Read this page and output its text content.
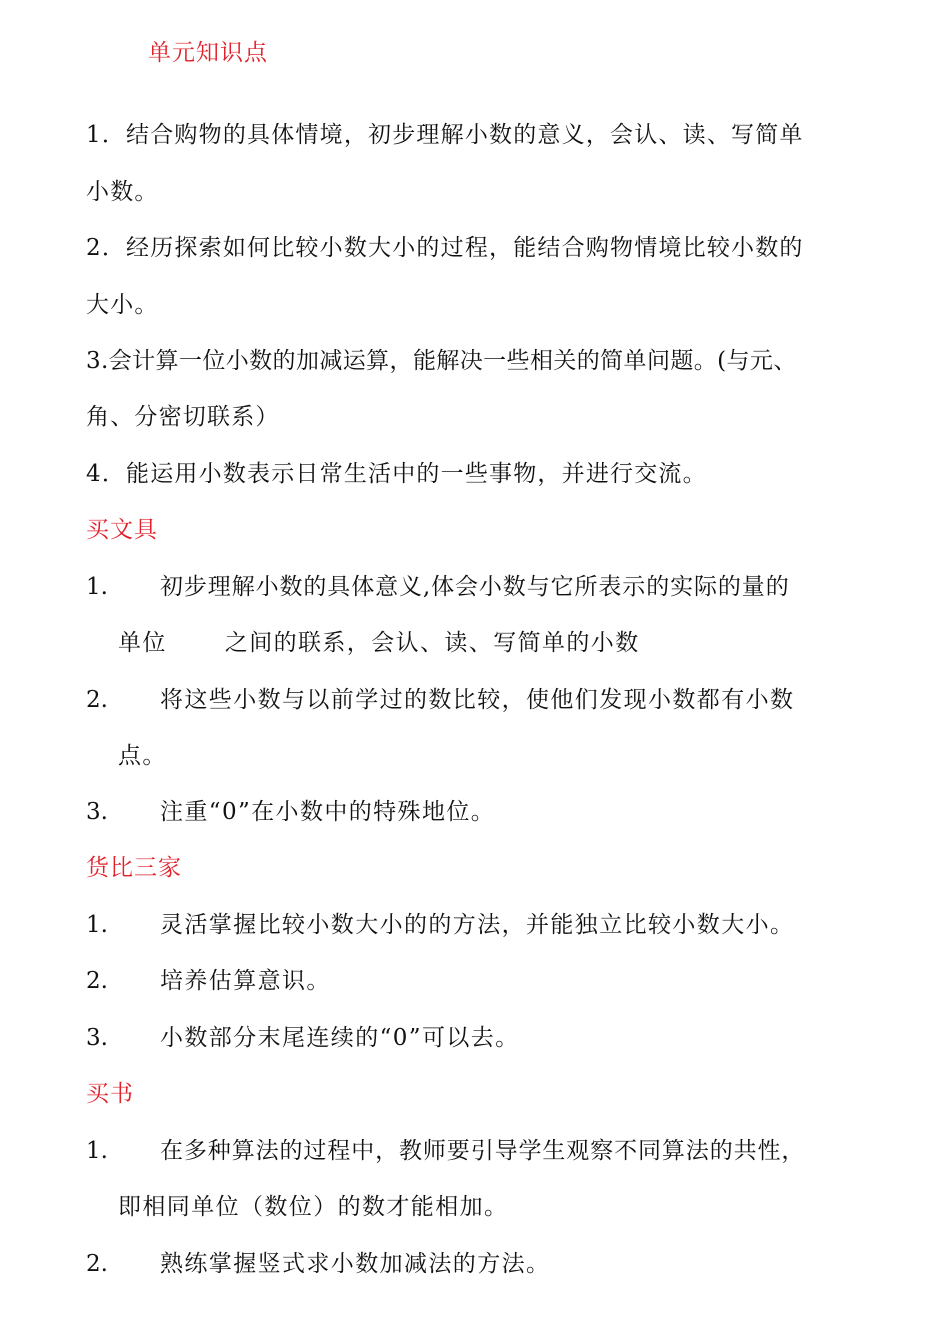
单元知识点
1．结合购物的具体情境，初步理解小数的意义，会认、读、写简单
小数。
2．经历探索如何比较小数大小的过程，能结合购物情境比较小数的
大小。
3.会计算一位小数的加减运算，能解决一些相关的简单问题。(与元、
角、分密切联系）
4．能运用小数表示日常生活中的一些事物，并进行交流。
买文具
1. 初步理解小数的具体意义,体会小数与它所表示的实际的量的
单位	之间的联系，会认、读、写简单的小数
2. 将这些小数与以前学过的数比较，使他们发现小数都有小数
点。
3. 注重“0”在小数中的特殊地位。
货比三家
1. 灵活掌握比较小数大小的的方法，并能独立比较小数大小。
2. 培养估算意识。
3. 小数部分末尾连续的“0”可以去。
买书
1. 在多种算法的过程中，教师要引导学生观察不同算法的共性，
即相同单位（数位）的数才能相加。
2. 熟练掌握竖式求小数加减法的方法。
